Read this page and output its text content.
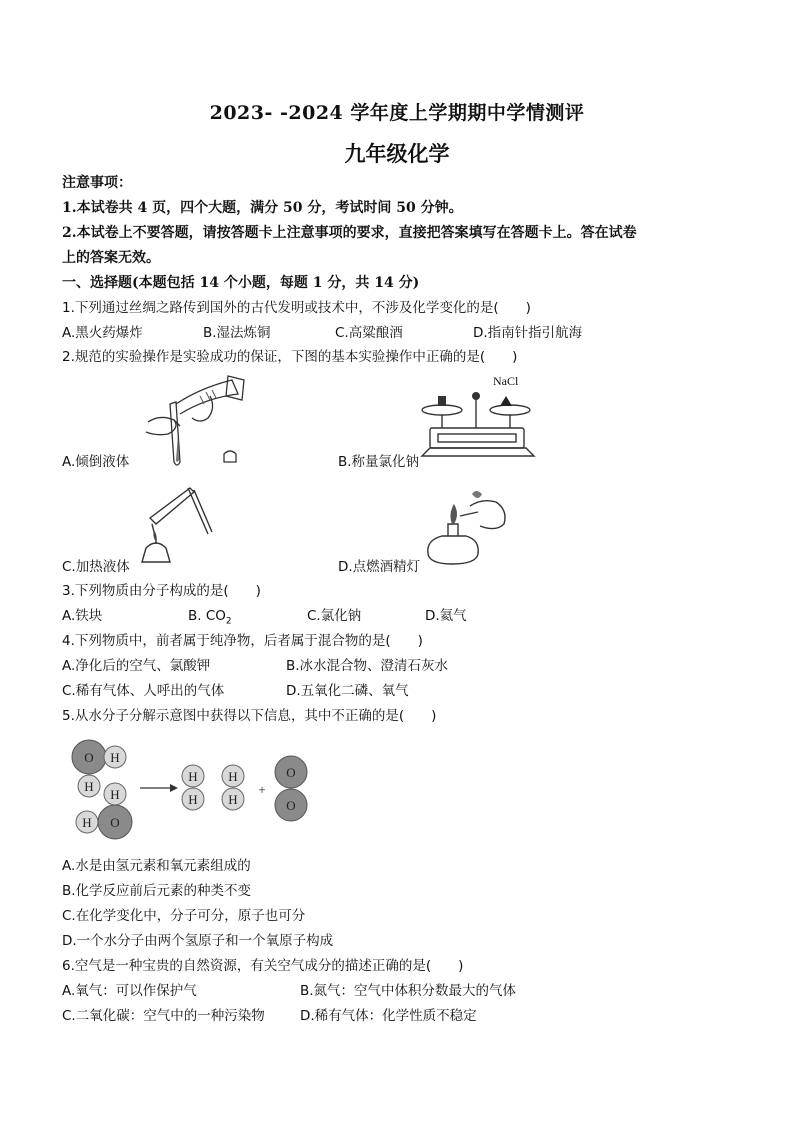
2023- -2024 学年度上学期期中学情测评
九年级化学
注意事项：
1.本试卷共 4 页，四个大题，满分 50 分，考试时间 50 分钟。
2.本试卷上不要答题，请按答题卡上注意事项的要求，直接把答案填写在答题卡上。答在试卷
上的答案无效。
一、选择题(本题包括 14 个小题，每题 1 分，共 14 分)
1.下列通过丝绸之路传到国外的古代发明或技术中，不涉及化学变化的是(　　)
A.黑火药爆炸	B.湿法炼铜	C.高粱酿酒	D.指南针指引航海
2.规范的实验操作是实验成功的保证，下图的基本实验操作中正确的是(　　)
A.倾倒液体
NaCl
B.称量氯化钠
C.加热液体	D.点燃酒精灯
3.下列物质由分子构成的是(　　)
A.铁块	B. $CO_2$	C.氯化钠	D.氦气
4.下列物质中，前者属于纯净物，后者属于混合物的是(　　)
A.净化后的空气、氯酸钾	B.冰水混合物、澄清石灰水
C.稀有气体、人呼出的气体	D.五氧化二磷、氧气
5.从水分子分解示意图中获得以下信息，其中不正确的是(　　)
O H
H
H
H O
H
H
H
H
+
O
O
A.水是由氢元素和氧元素组成的
B.化学反应前后元素的种类不变
C.在化学变化中，分子可分，原子也可分
D.一个水分子由两个氢原子和一个氧原子构成
6.空气是一种宝贵的自然资源，有关空气成分的描述正确的是(　　)
A.氧气：可以作保护气	B.氮气：空气中体积分数最大的气体
C.二氧化碳：空气中的一种污染物	D.稀有气体：化学性质不稳定
